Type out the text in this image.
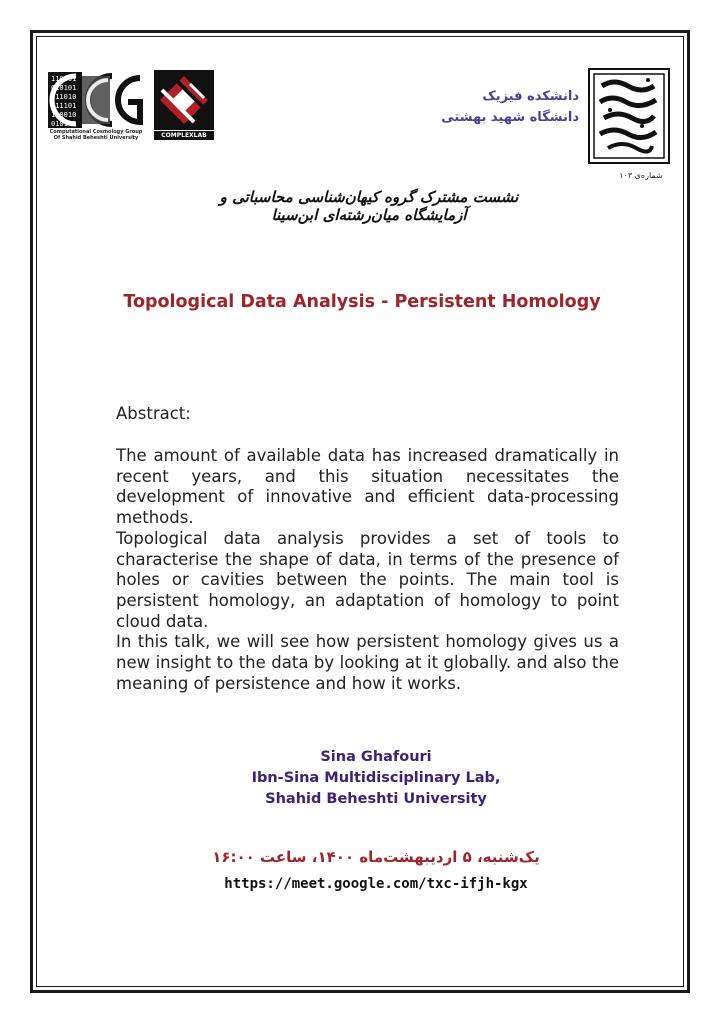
110101
010101
111010
011101
110010
010101
Computational Cosmology Group
Of Shahid Beheshti University	COMPLEXLAB
دانشکده فیزیک
دانشگاه شهید بهشتی
شماره‌ی ۱۰۳
نشست مشترک گروه کیهان‌شناسی محاسباتی و آزمایشگاه میان‌رشته‌ای ابن‌سینا
Topological Data Analysis - Persistent Homology
Abstract:

The amount of available data has increased dramatically in recent years, and this situation necessitates the development of innovative and efficient data-processing methods.

Topological data analysis provides a set of tools to characterise the shape of data, in terms of the presence of holes or cavities between the points. The main tool is persistent homology, an adaptation of homology to point cloud data.

In this talk, we will see how persistent homology gives us a new insight to the data by looking at it globally. and also the meaning of persistence and how it works.

Sina Ghafouri
Ibn-Sina Multidisciplinary Lab,
Shahid Beheshti University
یک‌شنبه، ۵ اردیبهشت‌ماه ۱۴۰۰، ساعت ۱۶:۰۰
https://meet.google.com/txc-ifjh-kgx
